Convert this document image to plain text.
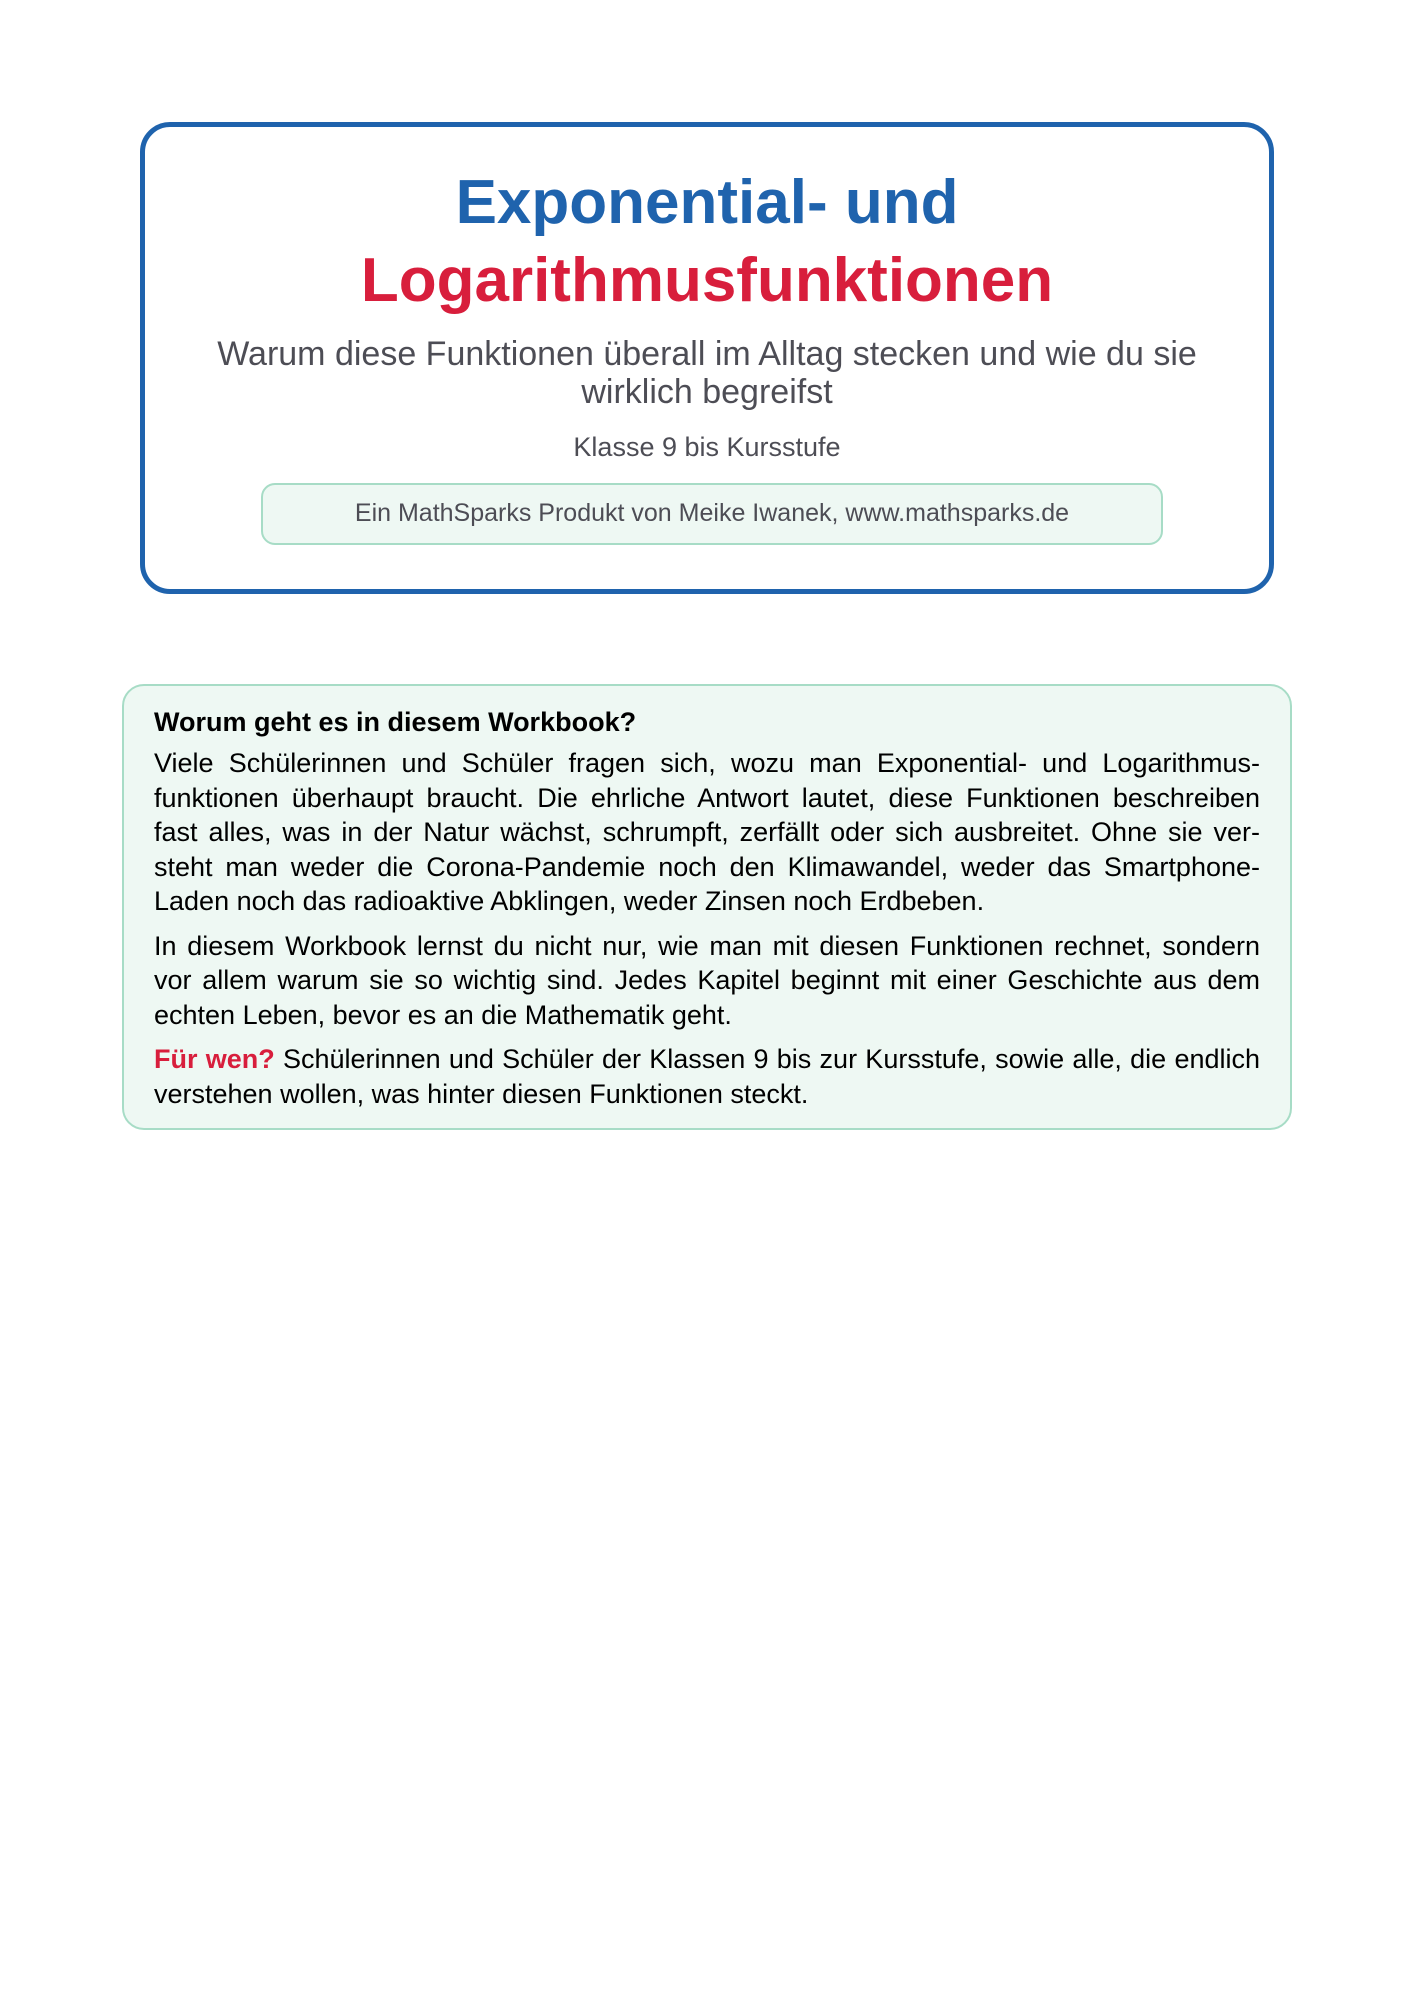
Exponential- und
Logarithmusfunktionen
Warum diese Funktionen überall im Alltag stecken und wie du sie wirklich begreifst
Klasse 9 bis Kursstufe
Ein MathSparks Produkt von Meike Iwanek, www.mathsparks.de
Worum geht es in diesem Workbook?

Viele Schülerinnen und Schüler fragen sich, wozu man Exponential- und Logarithmusfunktionen überhaupt braucht. Die ehrliche Antwort lautet, diese Funktionen beschreiben fast alles, was in der Natur wächst, schrumpft, zerfällt oder sich ausbreitet. Ohne sie versteht man weder die Corona-Pandemie noch den Klimawandel, weder das Smartphone-Laden noch das radioaktive Abklingen, weder Zinsen noch Erdbeben.

In diesem Workbook lernst du nicht nur, wie man mit diesen Funktionen rechnet, sondern vor allem warum sie so wichtig sind. Jedes Kapitel beginnt mit einer Geschichte aus dem echten Leben, bevor es an die Mathematik geht.

Für wen? Schülerinnen und Schüler der Klassen 9 bis zur Kursstufe, sowie alle, die endlich verstehen wollen, was hinter diesen Funktionen steckt.
